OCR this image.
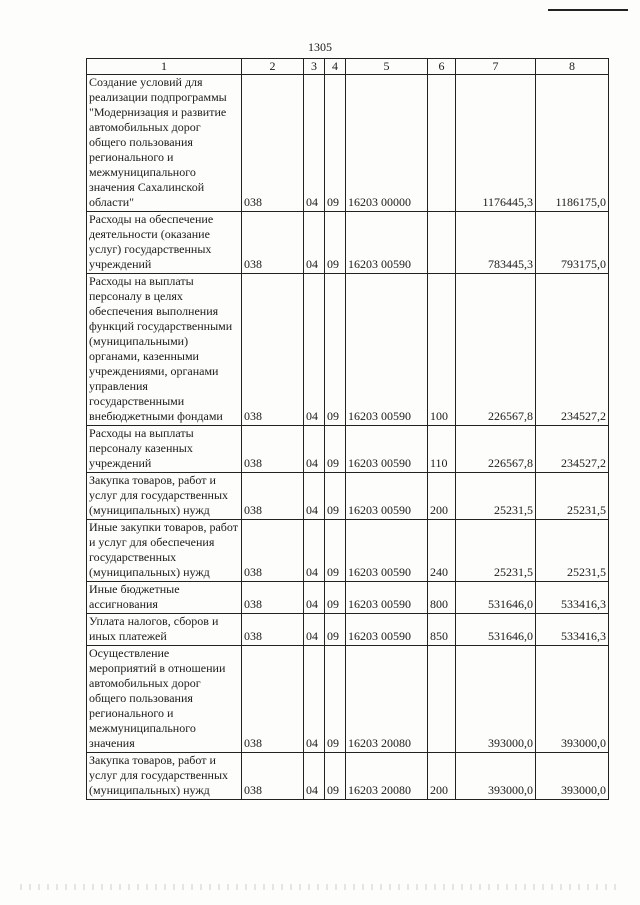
1305
1	2	3	4	5	6	7	8
Создание условий для реализации подпрограммы "Модернизация и развитие автомобильных дорог общего пользования регионального и межмуниципального значения Сахалинской области"	038	04	09	16203 00000		1176445,3	1186175,0
Расходы на обеспечение деятельности (оказание услуг) государственных учреждений	038	04	09	16203 00590		783445,3	793175,0
Расходы на выплаты персоналу в целях обеспечения выполнения функций государственными (муниципальными) органами, казенными учреждениями, органами управления государственными внебюджетными фондами	038	04	09	16203 00590	100	226567,8	234527,2
Расходы на выплаты персоналу казенных учреждений	038	04	09	16203 00590	110	226567,8	234527,2
Закупка товаров, работ и услуг для государственных (муниципальных) нужд	038	04	09	16203 00590	200	25231,5	25231,5
Иные закупки товаров, работ и услуг для обеспечения государственных (муниципальных) нужд	038	04	09	16203 00590	240	25231,5	25231,5
Иные бюджетные ассигнования	038	04	09	16203 00590	800	531646,0	533416,3
Уплата налогов, сборов и иных платежей	038	04	09	16203 00590	850	531646,0	533416,3
Осуществление мероприятий в отношении автомобильных дорог общего пользования регионального и межмуниципального значения	038	04	09	16203 20080		393000,0	393000,0
Закупка товаров, работ и услуг для государственных (муниципальных) нужд	038	04	09	16203 20080	200	393000,0	393000,0
